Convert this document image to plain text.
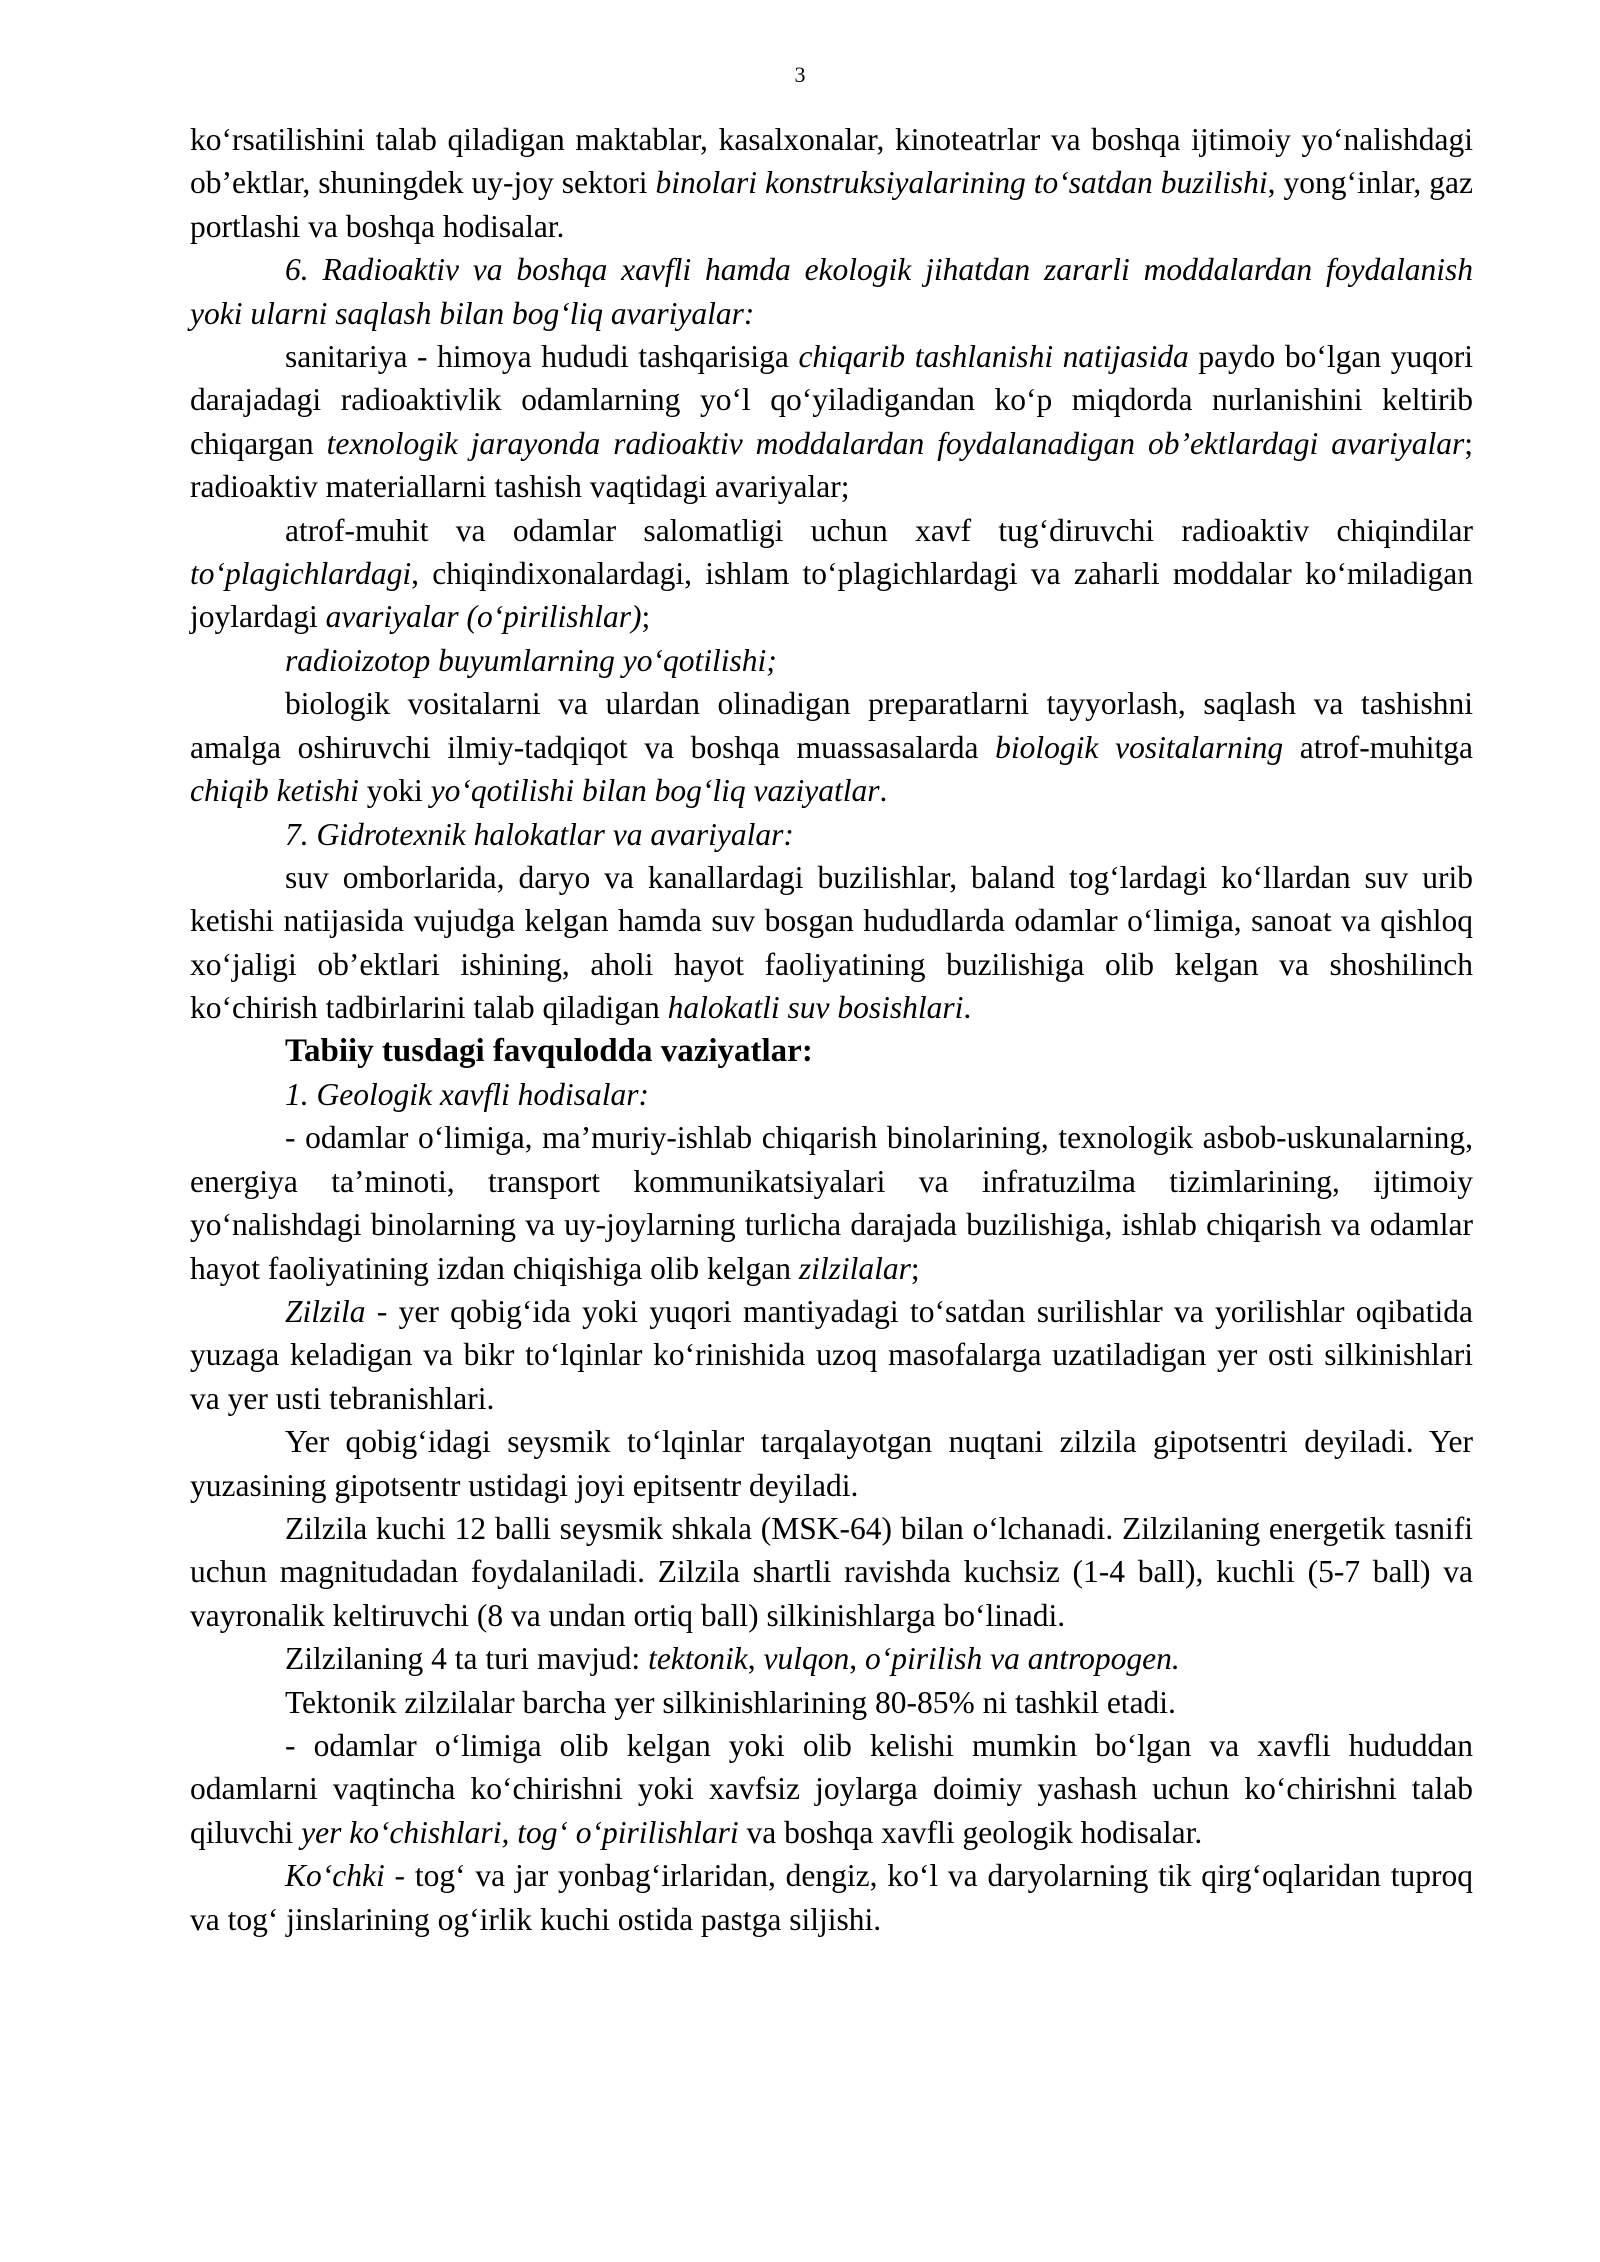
3

koʻrsatilishini talab qiladigan maktablar, kasalxonalar, kinoteatrlar va boshqa ijtimoiy yoʻnalishdagi obʼektlar, shuningdek uy-joy sektori binolari konstruksiyalarining toʻsatdan buzilishi, yongʻinlar, gaz portlashi va boshqa hodisalar.

6. Radioaktiv va boshqa xavfli hamda ekologik jihatdan zararli moddalardan foydalanish yoki ularni saqlash bilan bogʻliq avariyalar:

sanitariya - himoya hududi tashqarisiga chiqarib tashlanishi natijasida paydo boʻlgan yuqori darajadagi radioaktivlik odamlarning yoʻl qoʻyiladigandan koʻp miqdorda nurlanishini keltirib chiqargan texnologik jarayonda radioaktiv moddalardan foydalanadigan obʼektlardagi avariyalar; radioaktiv materiallarni tashish vaqtidagi avariyalar;

atrof-muhit va odamlar salomatligi uchun xavf tugʻdiruvchi radioaktiv chiqindilar toʻplagichlardagi, chiqindixonalardagi, ishlam toʻplagichlardagi va zaharli moddalar koʻmiladigan joylardagi avariyalar (oʻpirilishlar);

radioizotop buyumlarning yoʻqotilishi;

biologik vositalarni va ulardan olinadigan preparatlarni tayyorlash, saqlash va tashishni amalga oshiruvchi ilmiy-tadqiqot va boshqa muassasalarda biologik vositalarning atrof-muhitga chiqib ketishi yoki yoʻqotilishi bilan bogʻliq vaziyatlar.

7. Gidrotexnik halokatlar va avariyalar:

suv omborlarida, daryo va kanallardagi buzilishlar, baland togʻlardagi koʻllardan suv urib ketishi natijasida vujudga kelgan hamda suv bosgan hududlarda odamlar oʻlimiga, sanoat va qishloq xoʻjaligi obʼektlari ishining, aholi hayot faoliyatining buzilishiga olib kelgan va shoshilinch koʻchirish tadbirlarini talab qiladigan halokatli suv bosishlari.

Tabiiy tusdagi favqulodda vaziyatlar:

1. Geologik xavfli hodisalar:

- odamlar oʻlimiga, maʼmuriy-ishlab chiqarish binolarining, texnologik asbob-uskunalarning, energiya taʼminoti, transport kommunikatsiyalari va infratuzilma tizimlarining, ijtimoiy yoʻnalishdagi binolarning va uy-joylarning turlicha darajada buzilishiga, ishlab chiqarish va odamlar hayot faoliyatining izdan chiqishiga olib kelgan zilzilalar;

Zilzila - yer qobigʻida yoki yuqori mantiyadagi toʻsatdan surilishlar va yorilishlar oqibatida yuzaga keladigan va bikr toʻlqinlar koʻrinishida uzoq masofalarga uzatiladigan yer osti silkinishlari va yer usti tebranishlari.

Yer qobigʻidagi seysmik toʻlqinlar tarqalayotgan nuqtani zilzila gipotsentri deyiladi. Yer yuzasining gipotsentr ustidagi joyi epitsentr deyiladi.

Zilzila kuchi 12 balli seysmik shkala (MSK-64) bilan oʻlchanadi. Zilzilaning energetik tasnifi uchun magnitudadan foydalaniladi. Zilzila shartli ravishda kuchsiz (1-4 ball), kuchli (5-7 ball) va vayronalik keltiruvchi (8 va undan ortiq ball) silkinishlarga boʻlinadi.

Zilzilaning 4 ta turi mavjud: tektonik, vulqon, oʻpirilish va antropogen.

Tektonik zilzilalar barcha yer silkinishlarining 80-85% ni tashkil etadi.

- odamlar oʻlimiga olib kelgan yoki olib kelishi mumkin boʻlgan va xavfli hududdan odamlarni vaqtincha koʻchirishni yoki xavfsiz joylarga doimiy yashash uchun koʻchirishni talab qiluvchi yer koʻchishlari, togʻ oʻpirilishlari va boshqa xavfli geologik hodisalar.

Koʻchki - togʻ va jar yonbagʻirlaridan, dengiz, koʻl va daryolarning tik qirgʻoqlaridan tuproq va togʻ jinslarining ogʻirlik kuchi ostida pastga siljishi.
